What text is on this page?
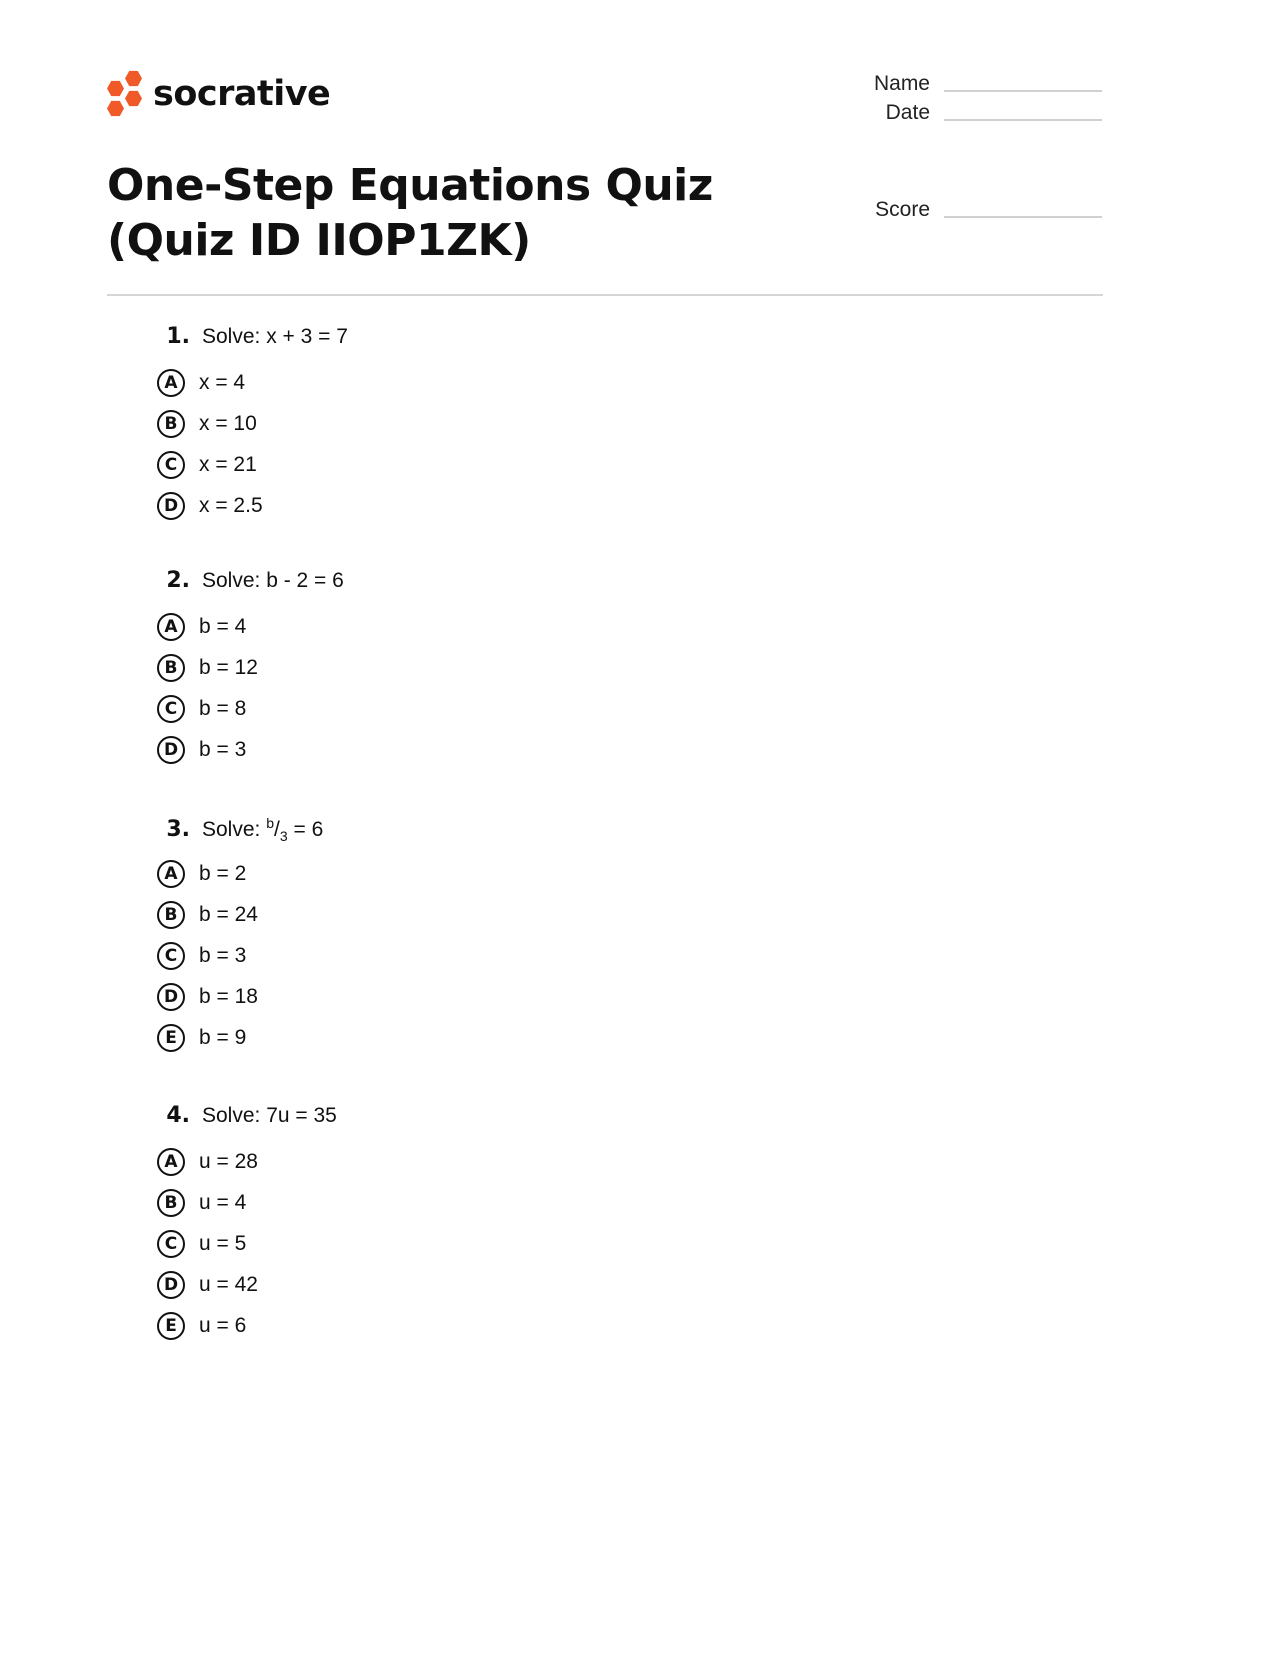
socrative	Name
Date
Score
One-Step Equations Quiz (Quiz ID IIOP1ZK)
1. Solve: x + 3 = 7
A	x = 4
B	x = 10
C	x = 21
D x = 2.5
2. Solve: b - 2 = 6
A	b = 4
B	b = 12
C	b = 8
D b = 3
3. Solve: $^b/_3 = 6$
A	b = 2
B	b = 24
C	b = 3
D b = 18
E	b = 9
4. Solve: 7u = 35
A	u = 28
B	u = 4
C	u = 5
D u = 42
E	u = 6
